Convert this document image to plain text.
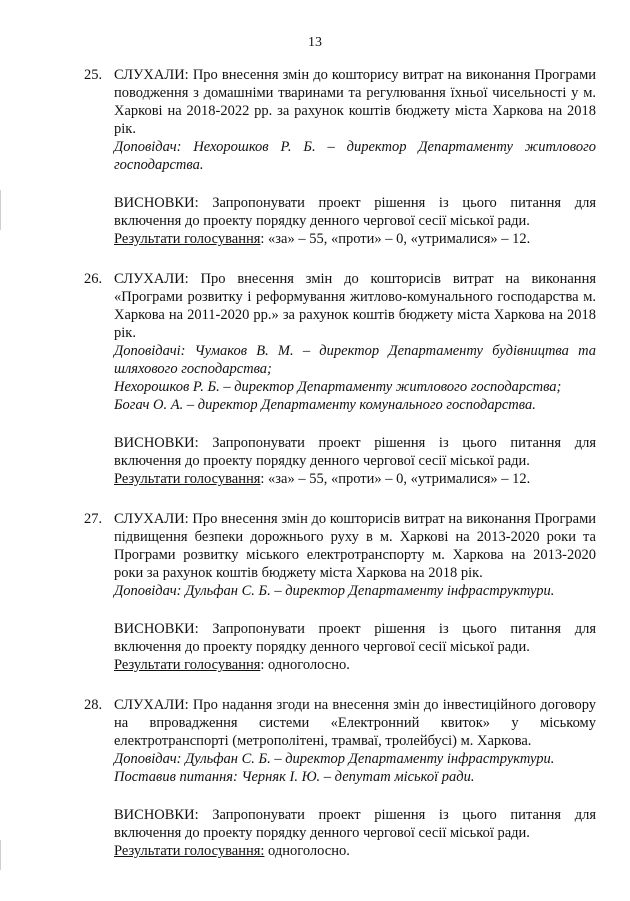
13
25. СЛУХАЛИ: Про внесення змін до кошторису витрат на виконання Програми поводження з домашніми тваринами та регулювання їхньої чисельності у м. Харкові на 2018-2022 рр. за рахунок коштів бюджету міста Харкова на 2018 рік.

Доповідач: Нехорошков Р. Б. – директор Департаменту житлового господарства.

ВИСНОВКИ: Запропонувати проект рішення із цього питання для включення до проекту порядку денного чергової сесії міської ради.

Результати голосування: «за» – 55, «проти» – 0, «утрималися» – 12.

26. СЛУХАЛИ: Про внесення змін до кошторисів витрат на виконання «Програми розвитку і реформування житлово-комунального господарства м. Харкова на 2011-2020 рр.» за рахунок коштів бюджету міста Харкова на 2018 рік.

Доповідачі: Чумаков В. М. – директор Департаменту будівництва та шляхового господарства;

Нехорошков Р. Б. – директор Департаменту житлового господарства;

Богач О. А. – директор Департаменту комунального господарства.

ВИСНОВКИ: Запропонувати проект рішення із цього питання для включення до проекту порядку денного чергової сесії міської ради.

Результати голосування: «за» – 55, «проти» – 0, «утрималися» – 12.

27. СЛУХАЛИ: Про внесення змін до кошторисів витрат на виконання Програми підвищення безпеки дорожнього руху в м. Харкові на 2013-2020 роки та Програми розвитку міського електротранспорту м. Харкова на 2013-2020 роки за рахунок коштів бюджету міста Харкова на 2018 рік.

Доповідач: Дульфан С. Б. – директор Департаменту інфраструктури.

ВИСНОВКИ: Запропонувати проект рішення із цього питання для включення до проекту порядку денного чергової сесії міської ради.

Результати голосування: одноголосно.

28. СЛУХАЛИ: Про надання згоди на внесення змін до інвестиційного договору на впровадження системи «Електронний квиток» у міському електротранспорті (метрополітені, трамваї, тролейбусі) м. Харкова.

Доповідач: Дульфан С. Б. – директор Департаменту інфраструктури.

Поставив питання: Черняк І. Ю. – депутат міської ради.

ВИСНОВКИ: Запропонувати проект рішення із цього питання для включення до проекту порядку денного чергової сесії міської ради.

Результати голосування: одноголосно.
